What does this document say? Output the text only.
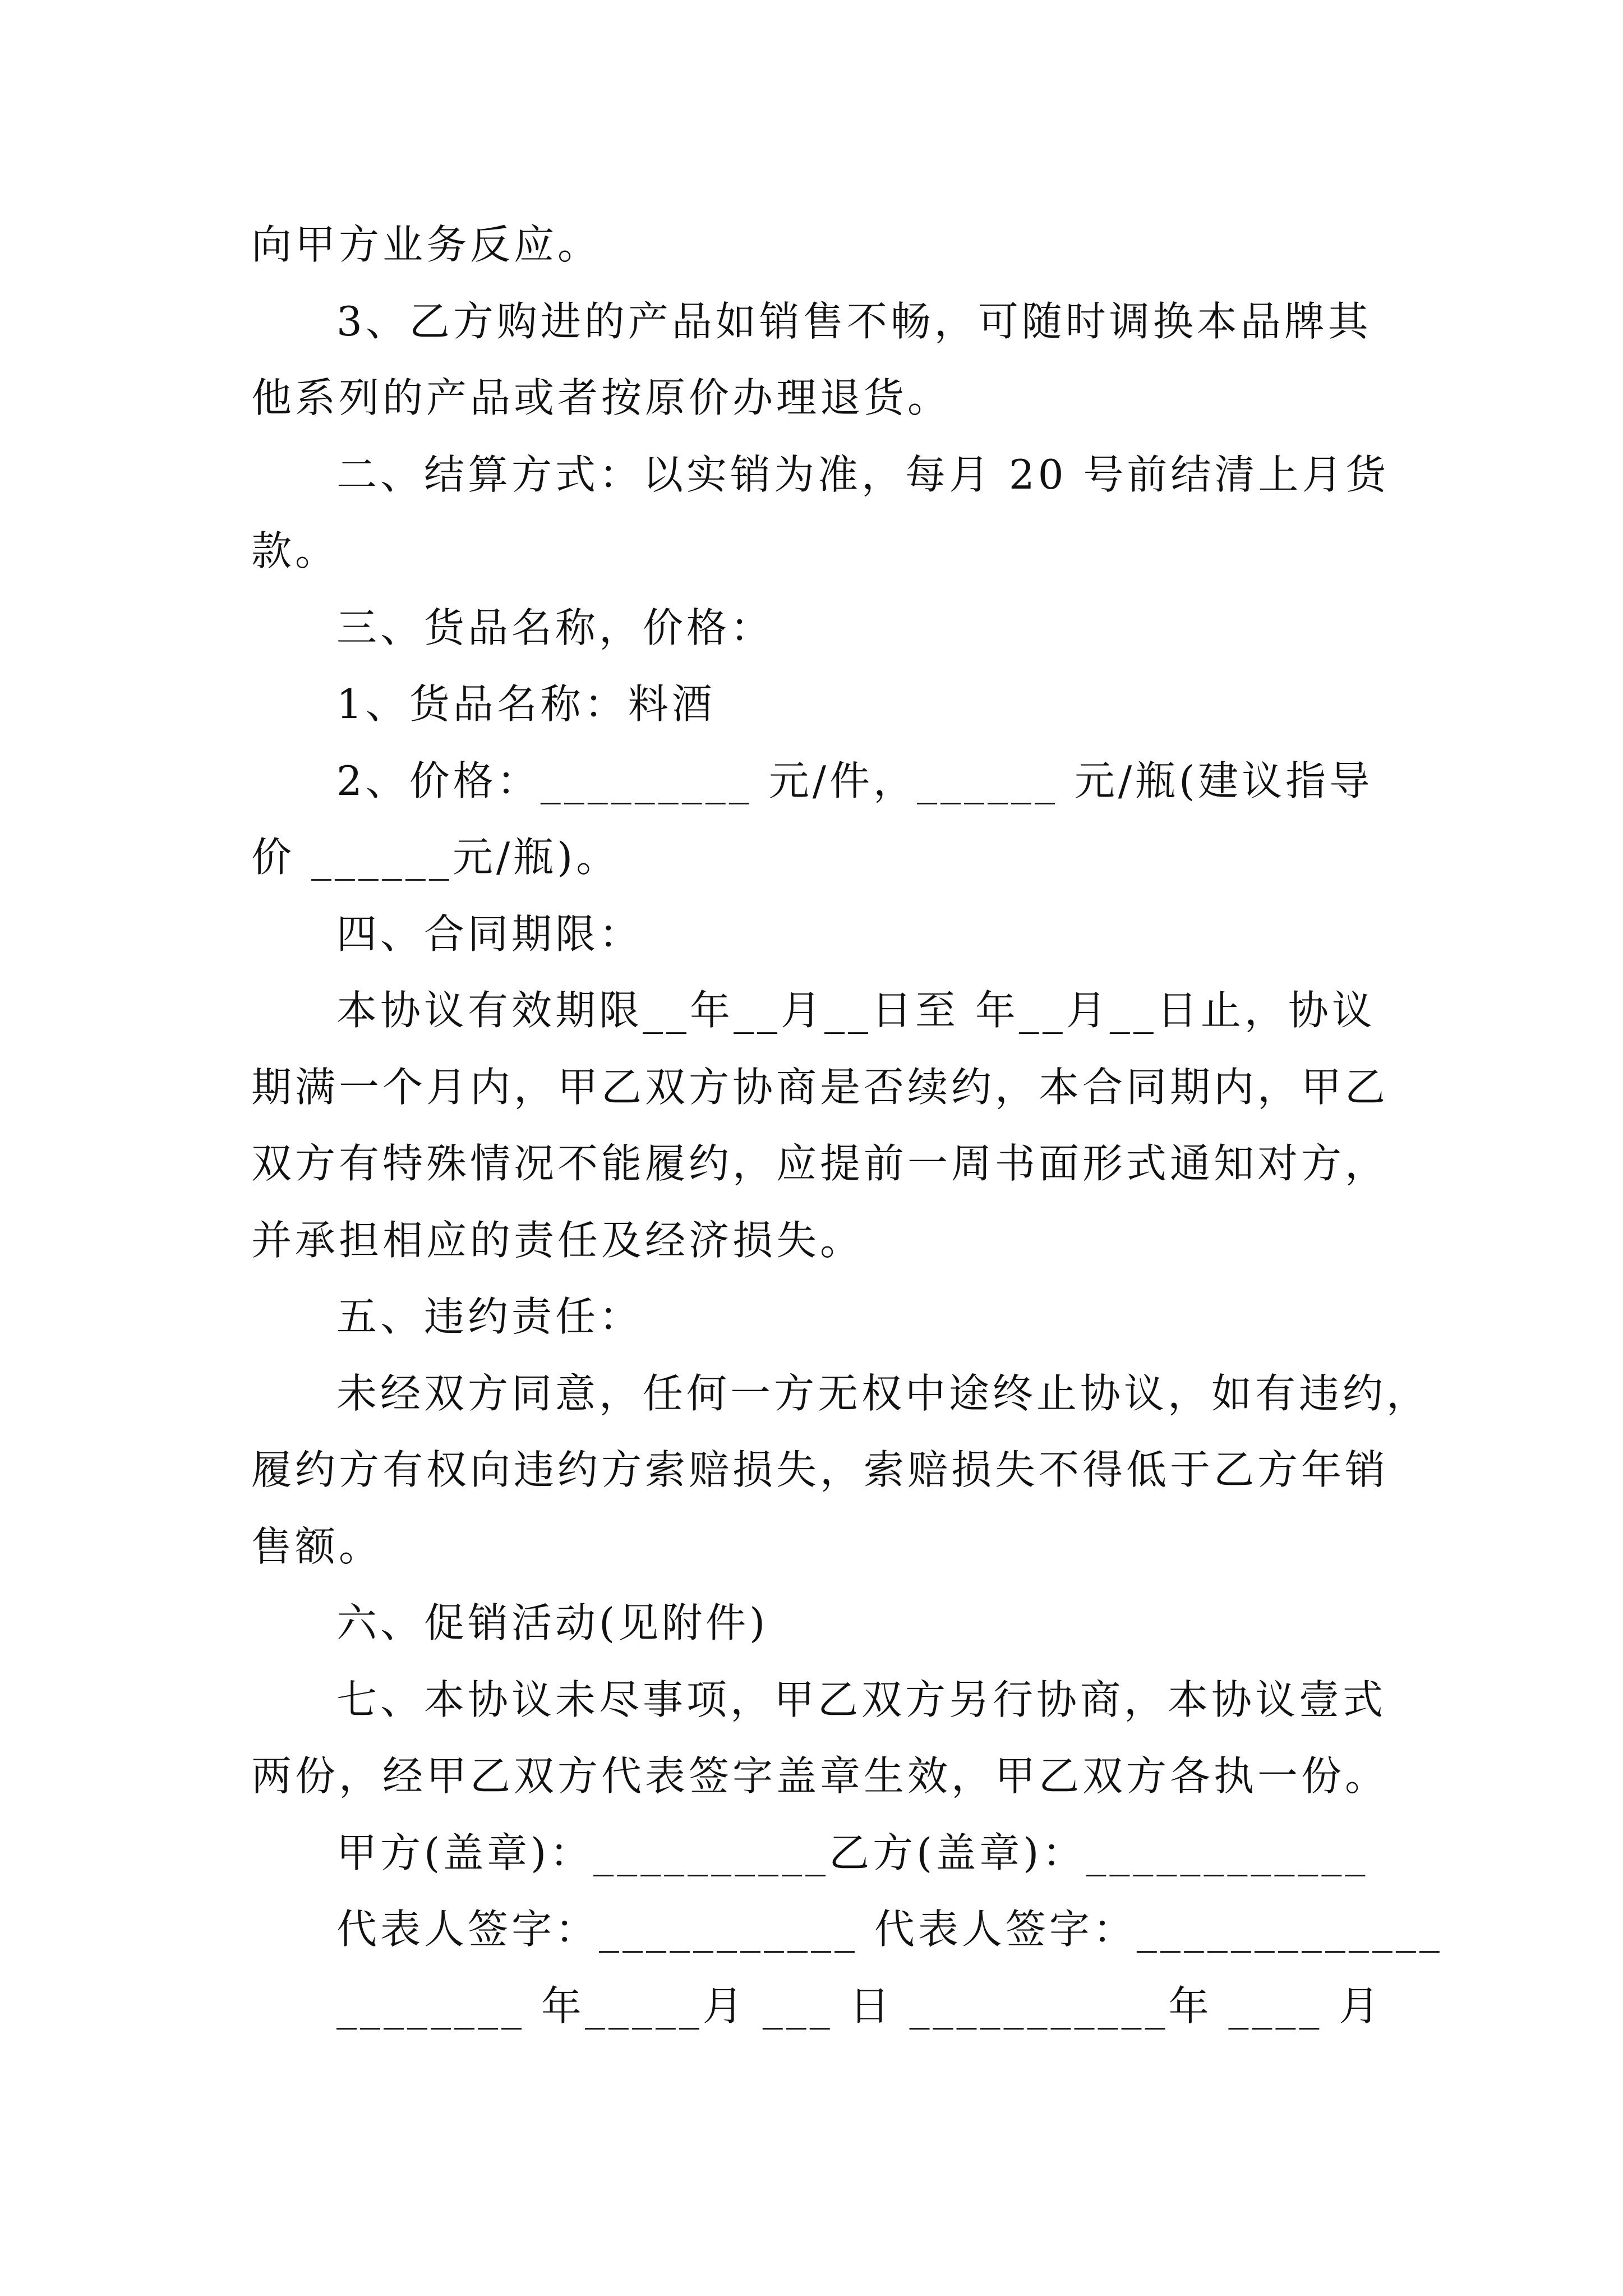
向甲方业务反应。
3、乙方购进的产品如销售不畅，可随时调换本品牌其
他系列的产品或者按原价办理退货。
二、结算方式：以实销为准，每月 20 号前结清上月货
款。
三、货品名称，价格：
1、货品名称：料酒
2、价格：_________ 元/件，______ 元/瓶(建议指导
价 ______元/瓶)。
四、合同期限：
本协议有效期限__年__月__日至 年__月__日止，协议
期满一个月内，甲乙双方协商是否续约，本合同期内，甲乙
双方有特殊情况不能履约，应提前一周书面形式通知对方，
并承担相应的责任及经济损失。
五、违约责任：
未经双方同意，任何一方无权中途终止协议，如有违约，
履约方有权向违约方索赔损失，索赔损失不得低于乙方年销
售额。
六、促销活动(见附件)
七、本协议未尽事项，甲乙双方另行协商，本协议壹式
两份，经甲乙双方代表签字盖章生效，甲乙双方各执一份。
甲方(盖章)：__________乙方(盖章)：____________
代表人签字：___________ 代表人签字：_____________
________ 年_____月 ___ 日 ___________年 ____ 月
